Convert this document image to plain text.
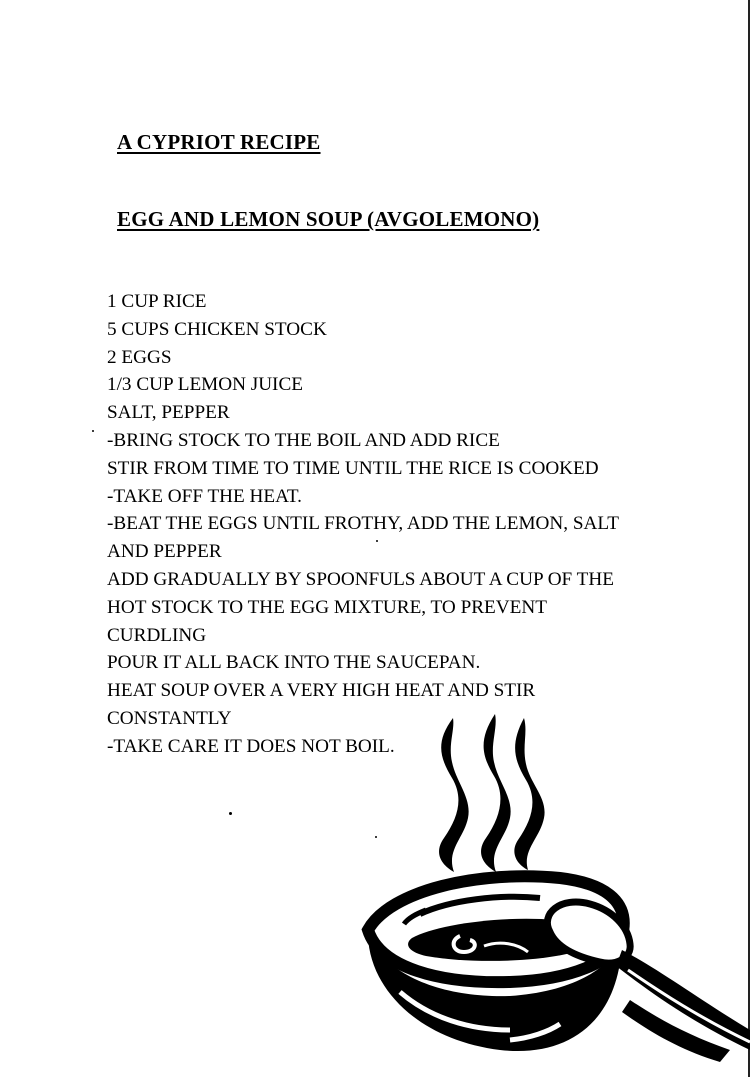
A CYPRIOT RECIPE
EGG AND LEMON SOUP (AVGOLEMONO)
1 CUP RICE
5 CUPS CHICKEN STOCK
2 EGGS
1/3 CUP LEMON JUICE
SALT, PEPPER
-BRING STOCK TO THE BOIL AND ADD RICE
STIR FROM TIME TO TIME UNTIL THE RICE IS COOKED
-TAKE OFF THE HEAT.
-BEAT THE EGGS UNTIL FROTHY, ADD THE LEMON, SALT
AND PEPPER
ADD GRADUALLY BY SPOONFULS ABOUT A CUP OF THE
HOT STOCK TO THE EGG MIXTURE, TO PREVENT
CURDLING
POUR IT ALL BACK INTO THE SAUCEPAN.
HEAT SOUP OVER A VERY HIGH HEAT AND STIR
CONSTANTLY
-TAKE CARE IT DOES NOT BOIL.
